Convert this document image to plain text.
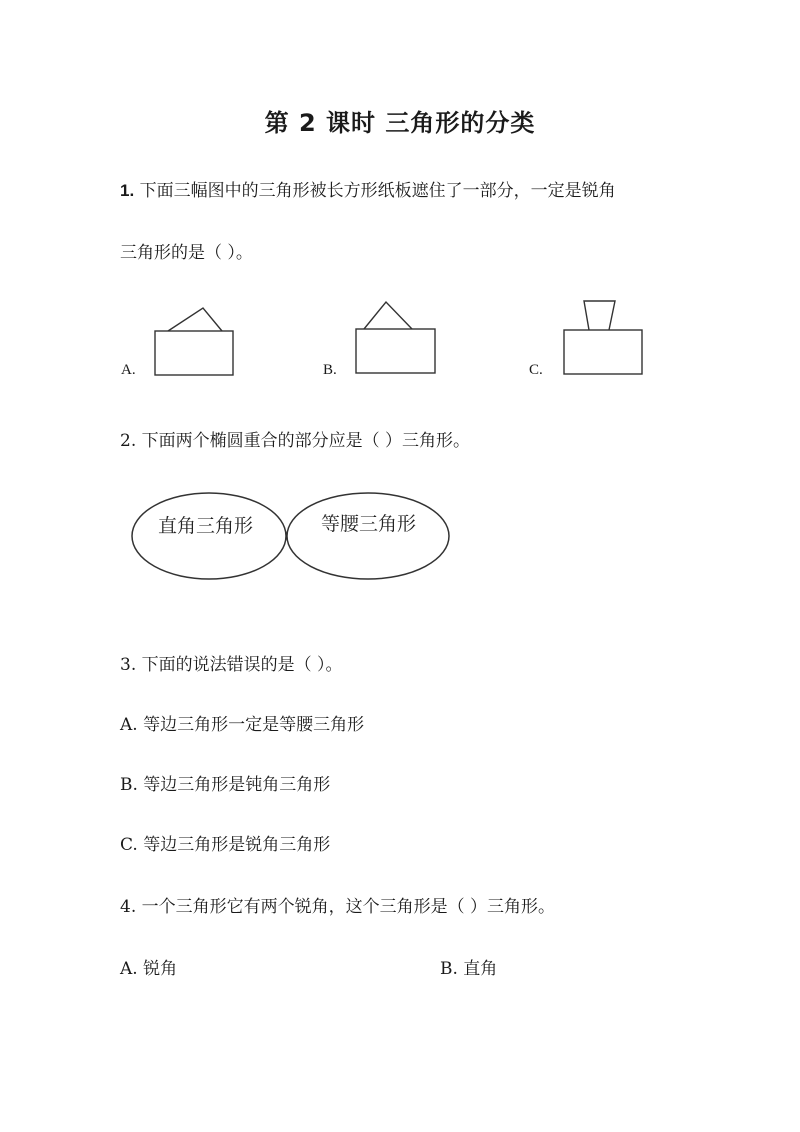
第 2 课时 三角形的分类
1. 下面三幅图中的三角形被长方形纸板遮住了一部分，一定是锐角
三角形的是（ ）。
A.	B.	C.
2. 下面两个椭圆重合的部分应是（ ）三角形。
直角三角形	等腰三角形
3. 下面的说法错误的是（ ）。
A. 等边三角形一定是等腰三角形
B. 等边三角形是钝角三角形
C. 等边三角形是锐角三角形
4. 一个三角形它有两个锐角，这个三角形是（ ）三角形。
A. 锐角	B. 直角
